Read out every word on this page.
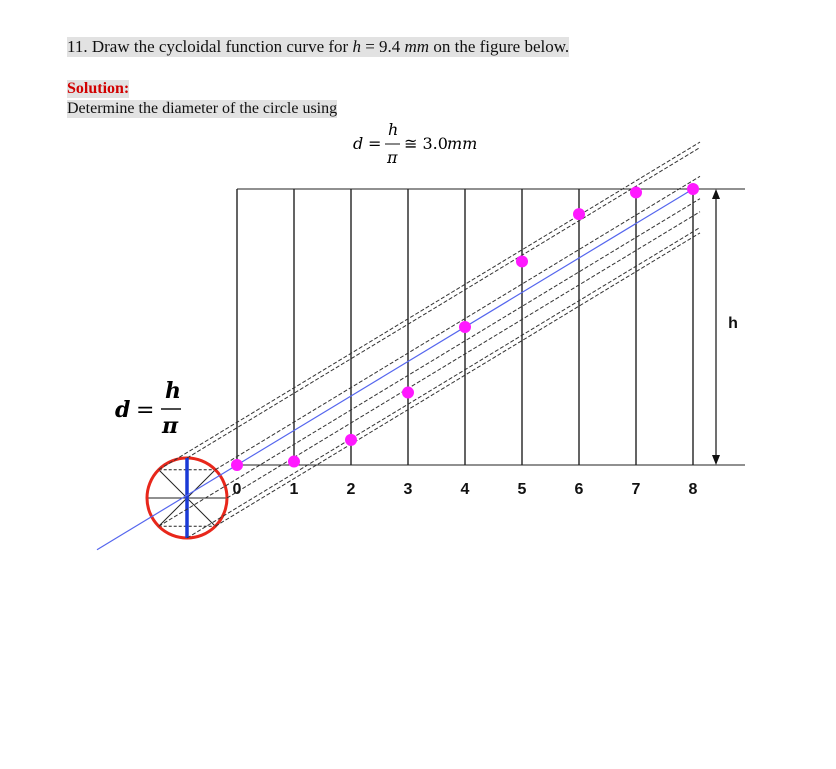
11. Draw the cycloidal function curve for h = 9.4 mm on the figure below.
Solution:
Determine the diameter of the circle using
d =
h
π
≅ 3.0 mm
d =
h
π
0	1	2	3	4	5	6	7	8
h
